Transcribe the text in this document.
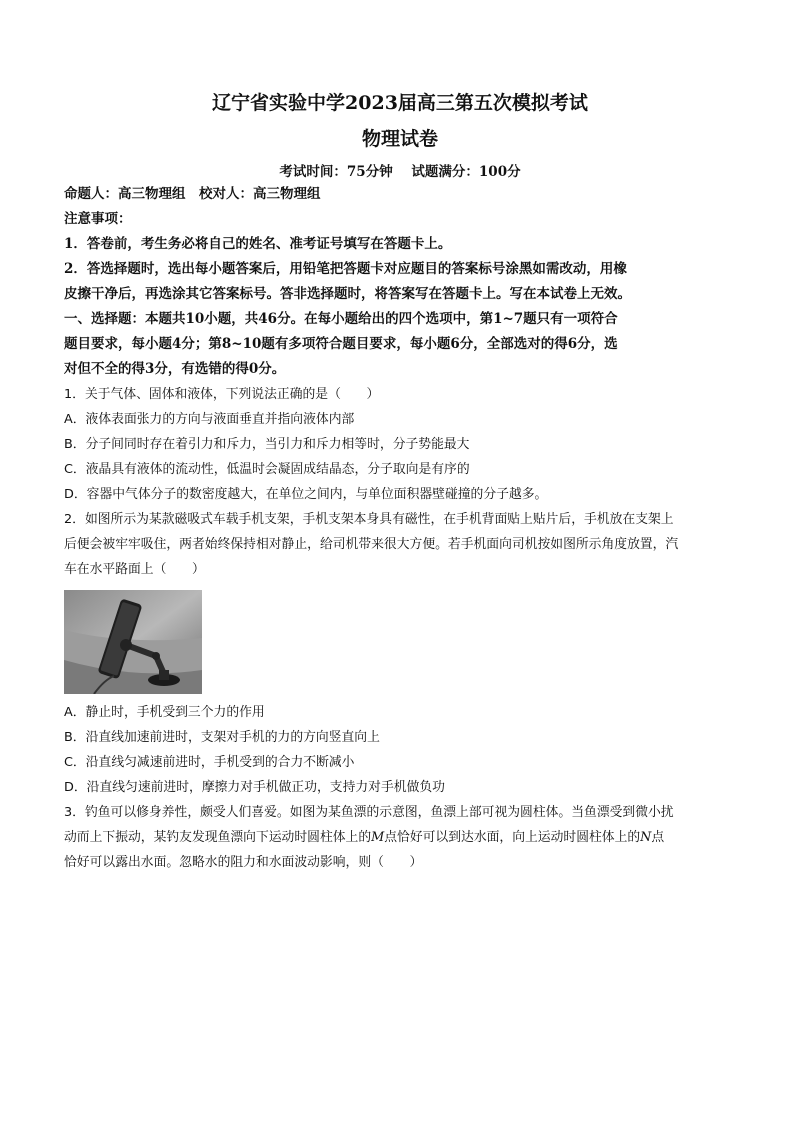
辽宁省实验中学2023届高三第五次模拟考试
物理试卷
考试时间：75分钟 试题满分：100分

命题人：高三物理组　校对人：高三物理组

注意事项：

1．答卷前，考生务必将自己的姓名、准考证号填写在答题卡上。

2．答选择题时，选出每小题答案后，用铅笔把答题卡对应题目的答案标号涂黑如需改动，用橡

皮擦干净后，再选涂其它答案标号。答非选择题时，将答案写在答题卡上。写在本试卷上无效。

一、选择题：本题共10小题，共46分。在每小题给出的四个选项中，第1~7题只有一项符合

题目要求，每小题4分；第8~10题有多项符合题目要求，每小题6分，全部选对的得6分，选

对但不全的得3分，有选错的得0分。

1．关于气体、固体和液体，下列说法正确的是（　　）

A．液体表面张力的方向与液面垂直并指向液体内部

B．分子间同时存在着引力和斥力，当引力和斥力相等时，分子势能最大

C．液晶具有液体的流动性，低温时会凝固成结晶态，分子取向是有序的

D．容器中气体分子的数密度越大，在单位之间内，与单位面积器壁碰撞的分子越多。

2．如图所示为某款磁吸式车载手机支架，手机支架本身具有磁性，在手机背面贴上贴片后，手机放在支架上

后便会被牢牢吸住，两者始终保持相对静止，给司机带来很大方便。若手机面向司机按如图所示角度放置，汽

车在水平路面上（　　）

A．静止时，手机受到三个力的作用

B．沿直线加速前进时，支架对手机的力的方向竖直向上

C．沿直线匀减速前进时，手机受到的合力不断减小

D．沿直线匀速前进时，摩擦力对手机做正功，支持力对手机做负功

3．钓鱼可以修身养性，颇受人们喜爱。如图为某鱼漂的示意图，鱼漂上部可视为圆柱体。当鱼漂受到微小扰

动而上下振动，某钓友发现鱼漂向下运动时圆柱体上的M点恰好可以到达水面，向上运动时圆柱体上的N点

恰好可以露出水面。忽略水的阻力和水面波动影响，则（　　）
